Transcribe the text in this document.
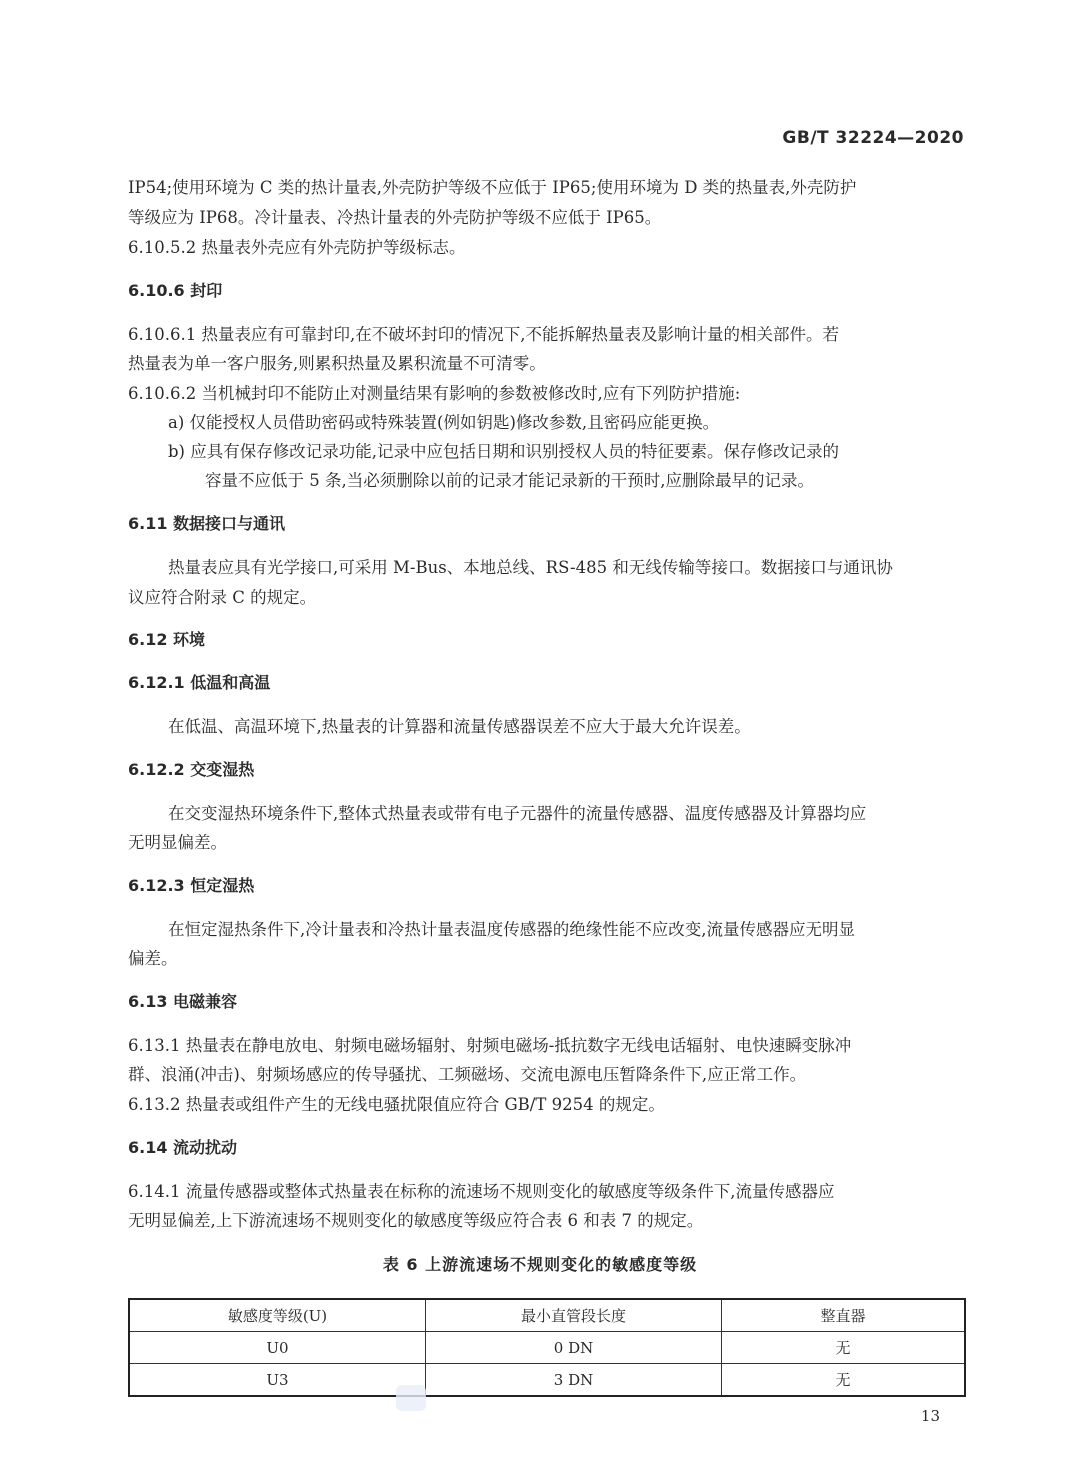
GB/T 32224—2020
IP54;使用环境为 C 类的热计量表,外壳防护等级不应低于 IP65;使用环境为 D 类的热量表,外壳防护
等级应为 IP68。冷计量表、冷热计量表的外壳防护等级不应低于 IP65。
6.10.5.2 热量表外壳应有外壳防护等级标志。
6.10.6 封印
6.10.6.1 热量表应有可靠封印,在不破坏封印的情况下,不能拆解热量表及影响计量的相关部件。若
热量表为单一客户服务,则累积热量及累积流量不可清零。
6.10.6.2 当机械封印不能防止对测量结果有影响的参数被修改时,应有下列防护措施:
a) 仅能授权人员借助密码或特殊装置(例如钥匙)修改参数,且密码应能更换。
b) 应具有保存修改记录功能,记录中应包括日期和识别授权人员的特征要素。保存修改记录的
容量不应低于 5 条,当必须删除以前的记录才能记录新的干预时,应删除最早的记录。
6.11 数据接口与通讯
热量表应具有光学接口,可采用 M-Bus、本地总线、RS-485 和无线传输等接口。数据接口与通讯协
议应符合附录 C 的规定。
6.12 环境
6.12.1 低温和高温
在低温、高温环境下,热量表的计算器和流量传感器误差不应大于最大允许误差。
6.12.2 交变湿热
在交变湿热环境条件下,整体式热量表或带有电子元器件的流量传感器、温度传感器及计算器均应
无明显偏差。
6.12.3 恒定湿热
在恒定湿热条件下,冷计量表和冷热计量表温度传感器的绝缘性能不应改变,流量传感器应无明显
偏差。
6.13 电磁兼容
6.13.1 热量表在静电放电、射频电磁场辐射、射频电磁场-抵抗数字无线电话辐射、电快速瞬变脉冲
群、浪涌(冲击)、射频场感应的传导骚扰、工频磁场、交流电源电压暂降条件下,应正常工作。
6.13.2 热量表或组件产生的无线电骚扰限值应符合 GB/T 9254 的规定。
6.14 流动扰动
6.14.1 流量传感器或整体式热量表在标称的流速场不规则变化的敏感度等级条件下,流量传感器应
无明显偏差,上下游流速场不规则变化的敏感度等级应符合表 6 和表 7 的规定。
表 6 上游流速场不规则变化的敏感度等级
敏感度等级(U)	最小直管段长度	整直器
U0	0 DN	无
U3	3 DN	无
13
